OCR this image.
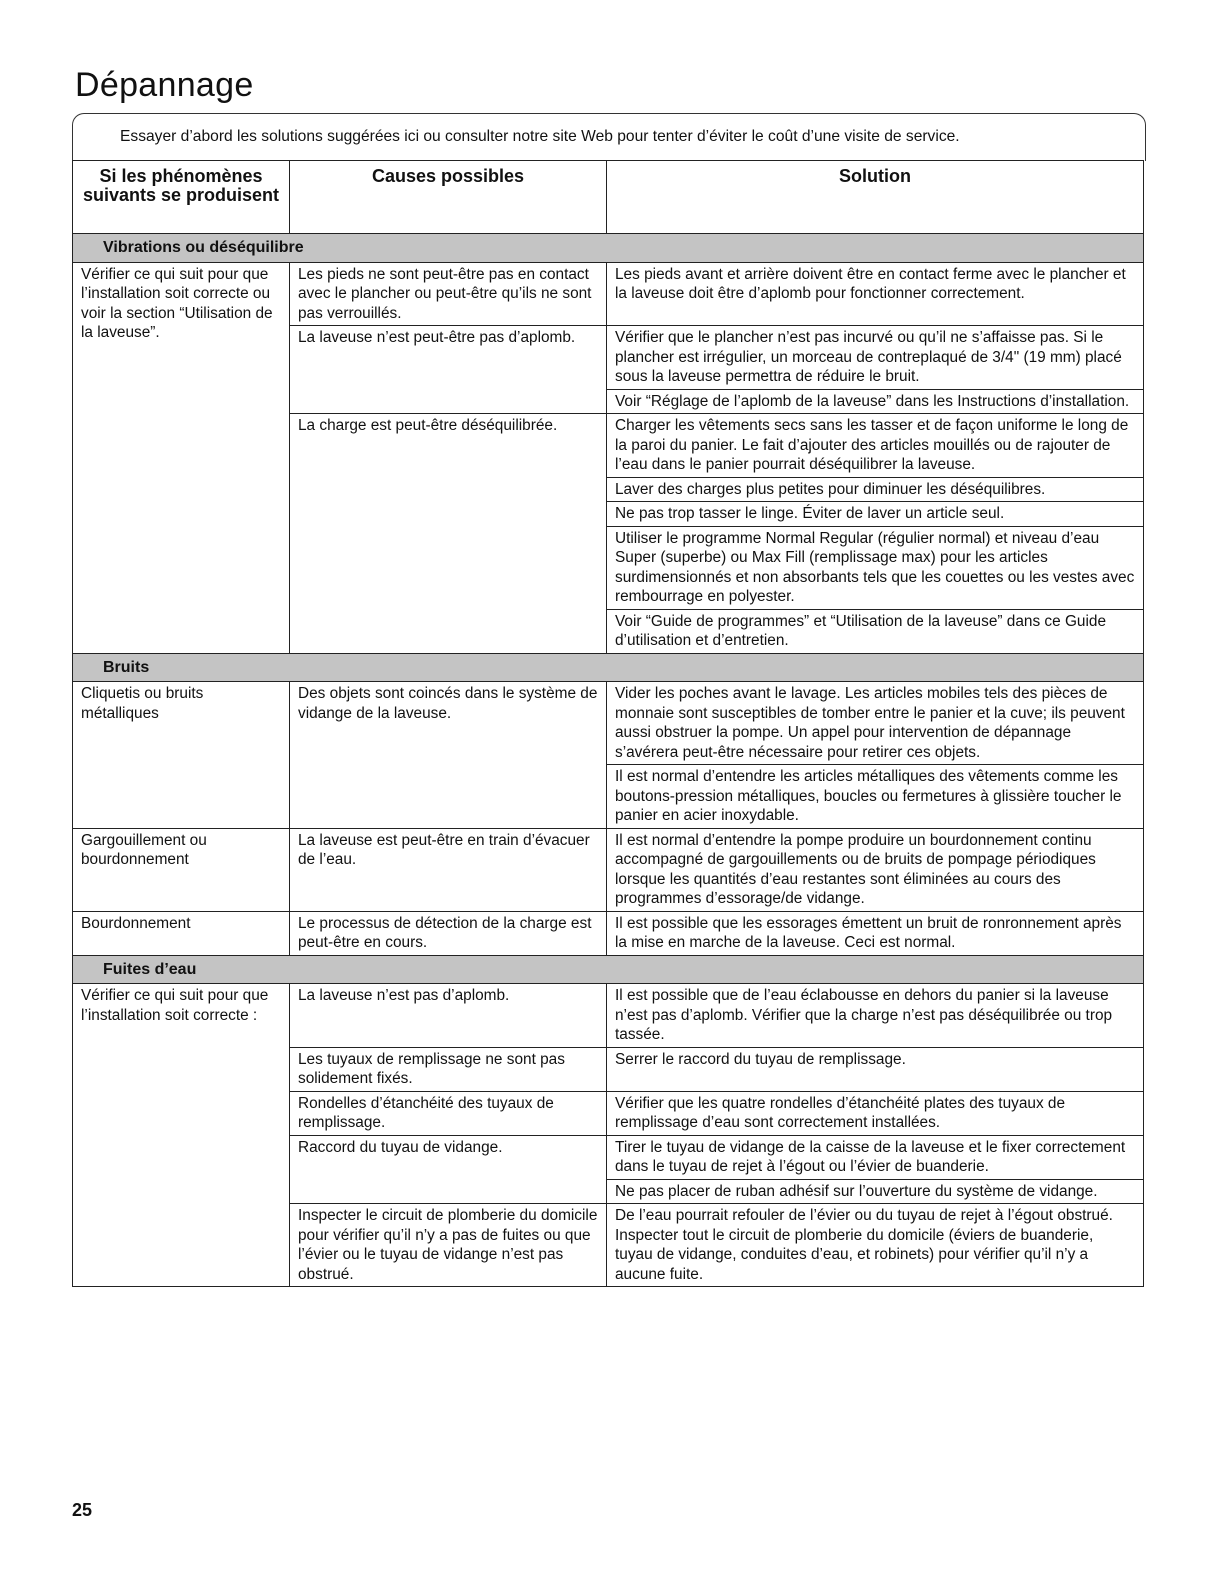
Dépannage
Essayer d’abord les solutions suggérées ici ou consulter notre site Web pour tenter d’éviter le coût d’une visite de service.
Si les phénomènes suivants se produisent	Causes possibles	Solution
Vibrations ou déséquilibre		
Vérifier ce qui suit pour que l’installation soit correcte ou voir la section “Utilisation de la laveuse”.	Les pieds ne sont peut-être pas en contact avec le plancher ou peut-être qu’ils ne sont pas verrouillés.	Les pieds avant et arrière doivent être en contact ferme avec le plancher et la laveuse doit être d’aplomb pour fonctionner correctement.
	La laveuse n’est peut-être pas d’aplomb.	Vérifier que le plancher n’est pas incurvé ou qu’il ne s’affaisse pas. Si le plancher est irrégulier, un morceau de contreplaqué de 3/4" (19 mm) placé sous la laveuse permettra de réduire le bruit.
		Voir “Réglage de l’aplomb de la laveuse” dans les Instructions d’installation.
	La charge est peut-être déséquilibrée.	Charger les vêtements secs sans les tasser et de façon uniforme le long de la paroi du panier. Le fait d’ajouter des articles mouillés ou de rajouter de l’eau dans le panier pourrait déséquilibrer la laveuse.
		Laver des charges plus petites pour diminuer les déséquilibres.
		Ne pas trop tasser le linge. Éviter de laver un article seul.
		Utiliser le programme Normal Regular (régulier normal) et niveau d’eau Super (superbe) ou Max Fill (remplissage max) pour les articles surdimensionnés et non absorbants tels que les couettes ou les vestes avec rembourrage en polyester.
		Voir “Guide de programmes” et “Utilisation de la laveuse” dans ce Guide d’utilisation et d’entretien.
Bruits		
Cliquetis ou bruits métalliques	Des objets sont coincés dans le système de vidange de la laveuse.	Vider les poches avant le lavage. Les articles mobiles tels des pièces de monnaie sont susceptibles de tomber entre le panier et la cuve; ils peuvent aussi obstruer la pompe. Un appel pour intervention de dépannage s’avérera peut-être nécessaire pour retirer ces objets.
		Il est normal d’entendre les articles métalliques des vêtements comme les boutons-pression métalliques, boucles ou fermetures à glissière toucher le panier en acier inoxydable.
Gargouillement ou bourdonnement	La laveuse est peut-être en train d’évacuer de l’eau.	Il est normal d’entendre la pompe produire un bourdonnement continu accompagné de gargouillements ou de bruits de pompage périodiques lorsque les quantités d’eau restantes sont éliminées au cours des programmes d’essorage/de vidange.
Bourdonnement	Le processus de détection de la charge est peut-être en cours.	Il est possible que les essorages émettent un bruit de ronronnement après la mise en marche de la laveuse. Ceci est normal.
Fuites d’eau		
Vérifier ce qui suit pour que l’installation soit correcte :	La laveuse n’est pas d’aplomb.	Il est possible que de l’eau éclabousse en dehors du panier si la laveuse n’est pas d’aplomb. Vérifier que la charge n’est pas déséquilibrée ou trop tassée.
	Les tuyaux de remplissage ne sont pas solidement fixés.	Serrer le raccord du tuyau de remplissage.
	Rondelles d’étanchéité des tuyaux de remplissage.	Vérifier que les quatre rondelles d’étanchéité plates des tuyaux de remplissage d’eau sont correctement installées.
	Raccord du tuyau de vidange.	Tirer le tuyau de vidange de la caisse de la laveuse et le fixer correctement dans le tuyau de rejet à l’égout ou l’évier de buanderie.
		Ne pas placer de ruban adhésif sur l’ouverture du système de vidange.
	Inspecter le circuit de plomberie du domicile pour vérifier qu’il n’y a pas de fuites ou que l’évier ou le tuyau de vidange n’est pas obstrué.	De l’eau pourrait refouler de l’évier ou du tuyau de rejet à l’égout obstrué. Inspecter tout le circuit de plomberie du domicile (éviers de buanderie, tuyau de vidange, conduites d’eau, et robinets) pour vérifier qu’il n’y a aucune fuite.
25
